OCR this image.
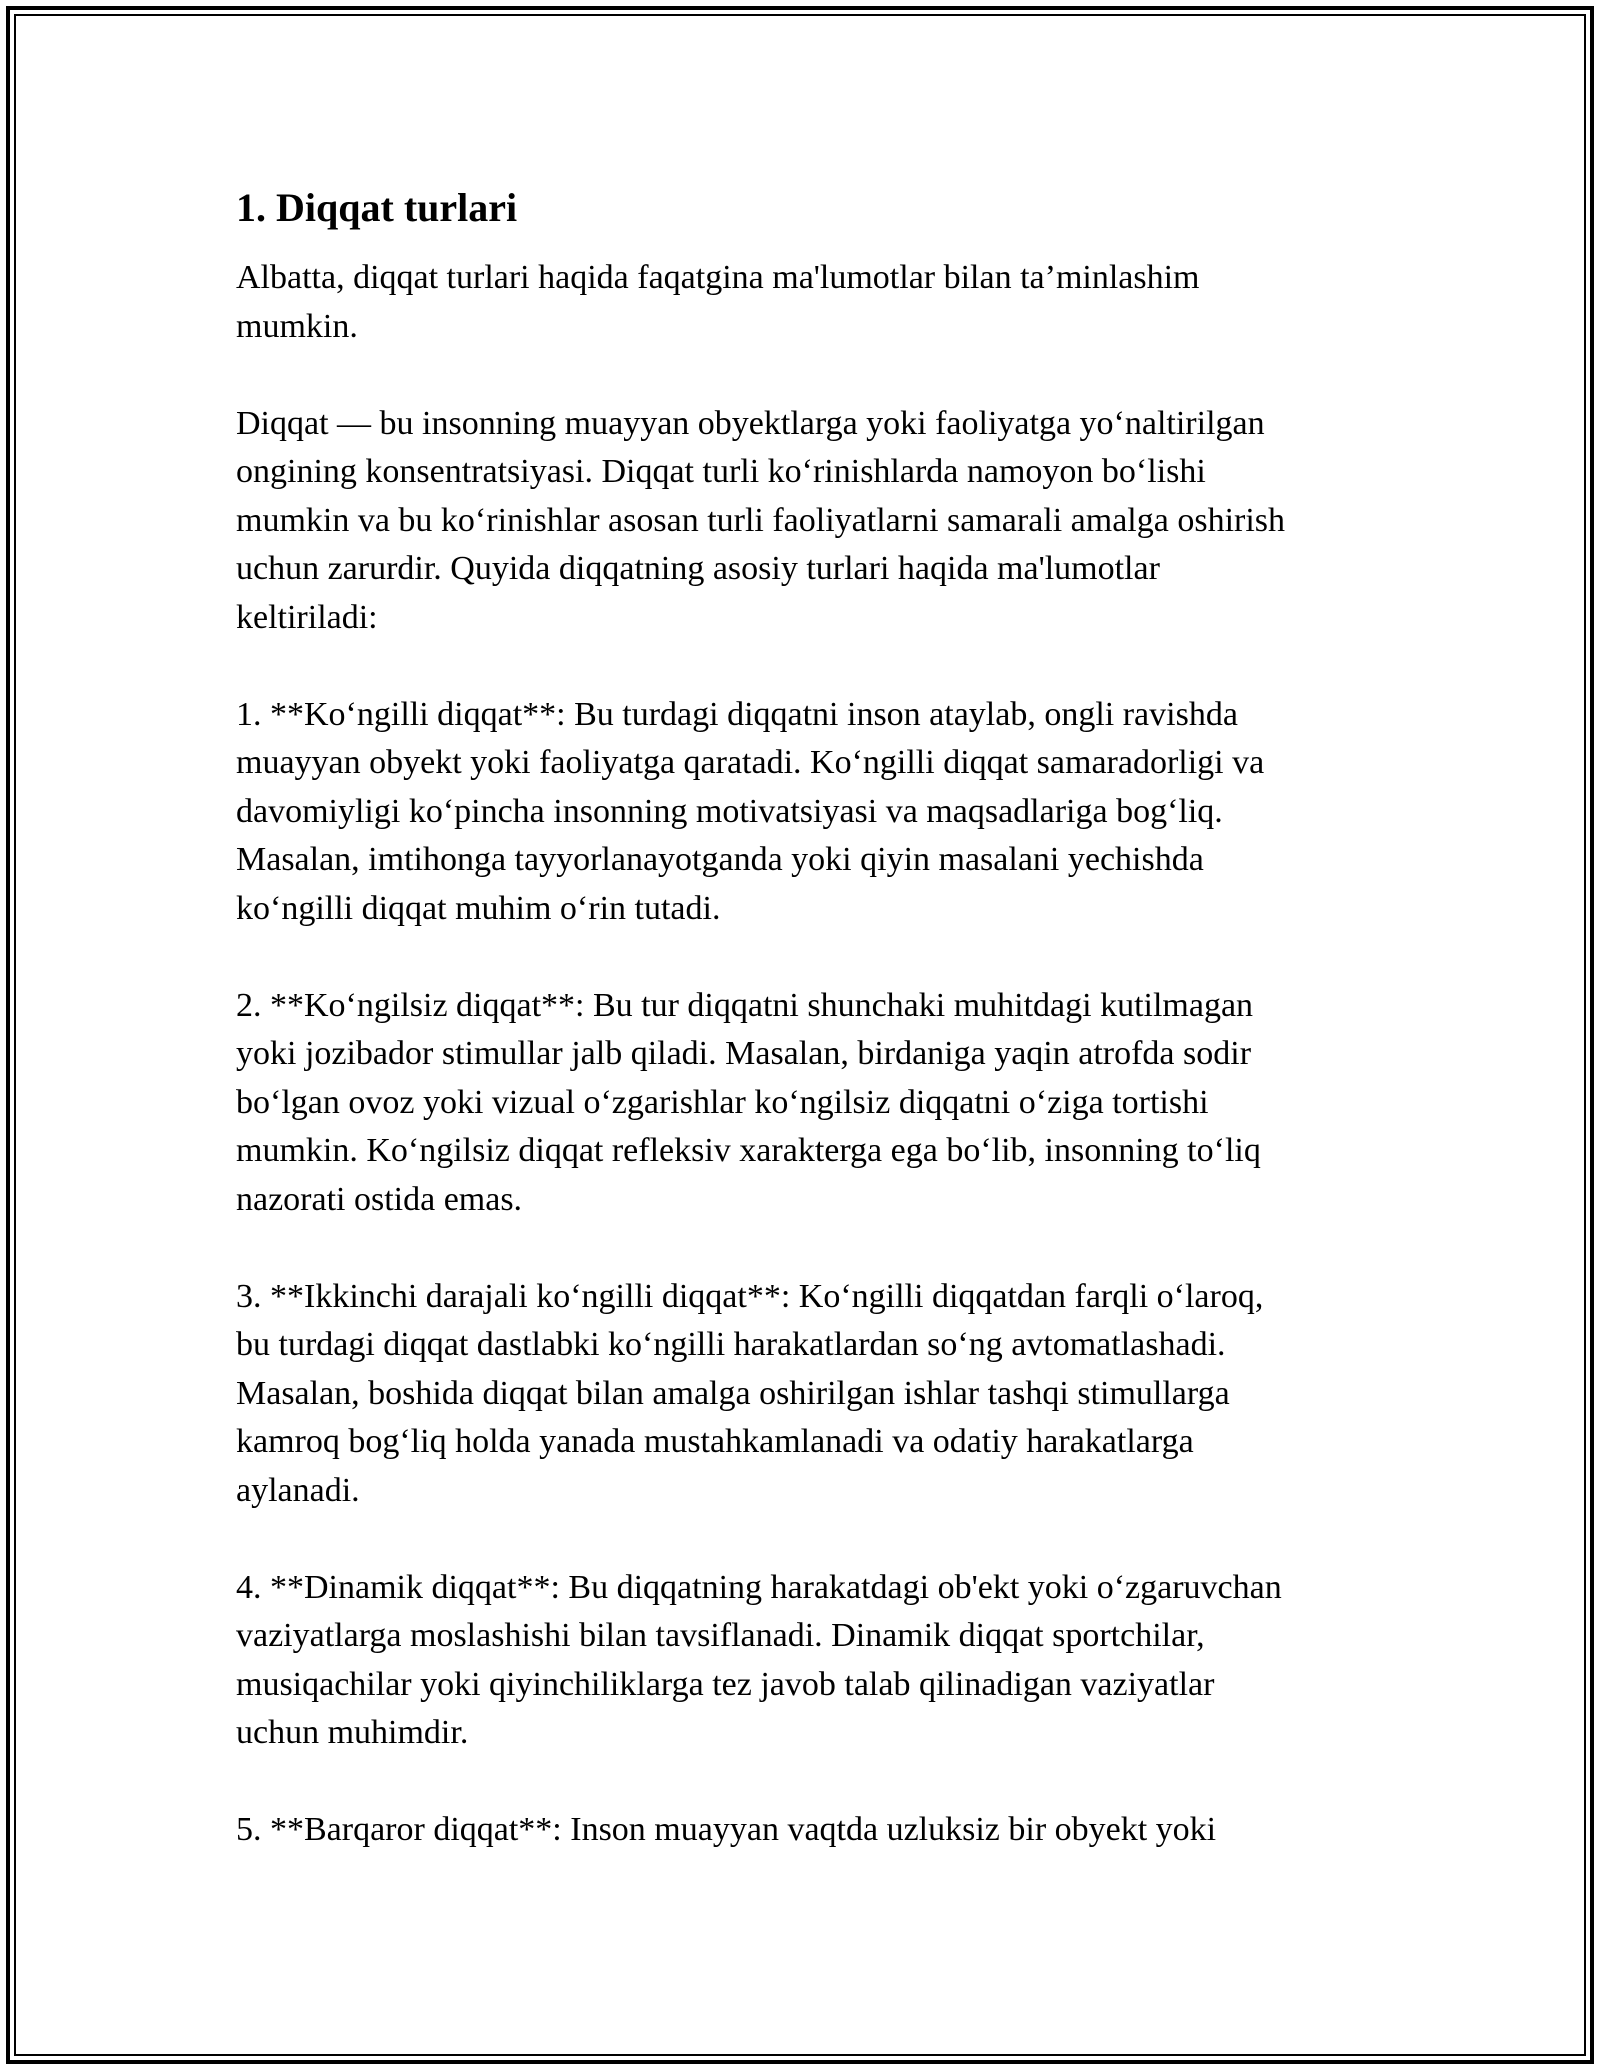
1. Diqqat turlari

Albatta, diqqat turlari haqida faqatgina ma'lumotlar bilan ta’minlashim
mumkin.

Diqqat — bu insonning muayyan obyektlarga yoki faoliyatga yo‘naltirilgan
ongining konsentratsiyasi. Diqqat turli ko‘rinishlarda namoyon bo‘lishi
mumkin va bu ko‘rinishlar asosan turli faoliyatlarni samarali amalga oshirish
uchun zarurdir. Quyida diqqatning asosiy turlari haqida ma'lumotlar
keltiriladi:

1. **Ko‘ngilli diqqat**: Bu turdagi diqqatni inson ataylab, ongli ravishda
muayyan obyekt yoki faoliyatga qaratadi. Ko‘ngilli diqqat samaradorligi va
davomiyligi ko‘pincha insonning motivatsiyasi va maqsadlariga bog‘liq.
Masalan, imtihonga tayyorlanayotganda yoki qiyin masalani yechishda
ko‘ngilli diqqat muhim o‘rin tutadi.

2. **Ko‘ngilsiz diqqat**: Bu tur diqqatni shunchaki muhitdagi kutilmagan
yoki jozibador stimullar jalb qiladi. Masalan, birdaniga yaqin atrofda sodir
bo‘lgan ovoz yoki vizual o‘zgarishlar ko‘ngilsiz diqqatni o‘ziga tortishi
mumkin. Ko‘ngilsiz diqqat refleksiv xarakterga ega bo‘lib, insonning to‘liq
nazorati ostida emas.

3. **Ikkinchi darajali ko‘ngilli diqqat**: Ko‘ngilli diqqatdan farqli o‘laroq,
bu turdagi diqqat dastlabki ko‘ngilli harakatlardan so‘ng avtomatlashadi.
Masalan, boshida diqqat bilan amalga oshirilgan ishlar tashqi stimullarga
kamroq bog‘liq holda yanada mustahkamlanadi va odatiy harakatlarga
aylanadi.

4. **Dinamik diqqat**: Bu diqqatning harakatdagi ob'ekt yoki o‘zgaruvchan
vaziyatlarga moslashishi bilan tavsiflanadi. Dinamik diqqat sportchilar,
musiqachilar yoki qiyinchiliklarga tez javob talab qilinadigan vaziyatlar
uchun muhimdir.

5. **Barqaror diqqat**: Inson muayyan vaqtda uzluksiz bir obyekt yoki
